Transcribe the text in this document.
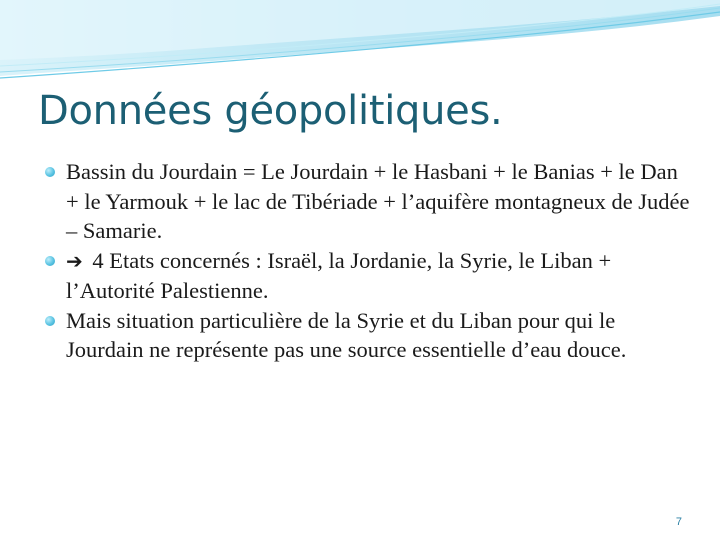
Données géopolitiques.
Bassin du Jourdain = Le Jourdain + le Hasbani + le Banias + le Dan + le Yarmouk + le lac de Tibériade + l’aquifère montagneux de Judée – Samarie.
➔ 4 Etats concernés : Israël, la Jordanie, la Syrie, le Liban + l’Autorité Palestienne.
Mais situation particulière de la Syrie et du Liban pour qui le Jourdain ne représente pas une source essentielle d’eau douce.
7
